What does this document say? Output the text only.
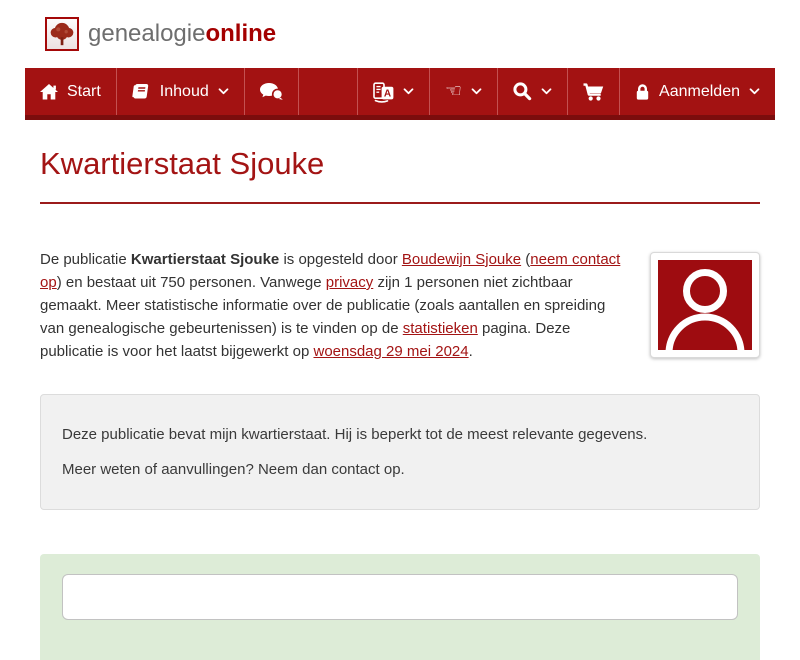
genealogieonline
Start	Inhoud	A	☜	Aanmelden
Kwartierstaat Sjouke

De publicatie Kwartierstaat Sjouke is opgesteld door Boudewijn Sjouke (neem contact op) en bestaat uit 750 personen. Vanwege privacy zijn 1 personen niet zichtbaar gemaakt. Meer statistische informatie over de publicatie (zoals aantallen en spreiding van genealogische gebeurtenissen) is te vinden op de statistieken pagina. Deze publicatie is voor het laatst bijgewerkt op woensdag 29 mei 2024.

Deze publicatie bevat mijn kwartierstaat. Hij is beperkt tot de meest relevante gegevens.

Meer weten of aanvullingen? Neem dan contact op.
